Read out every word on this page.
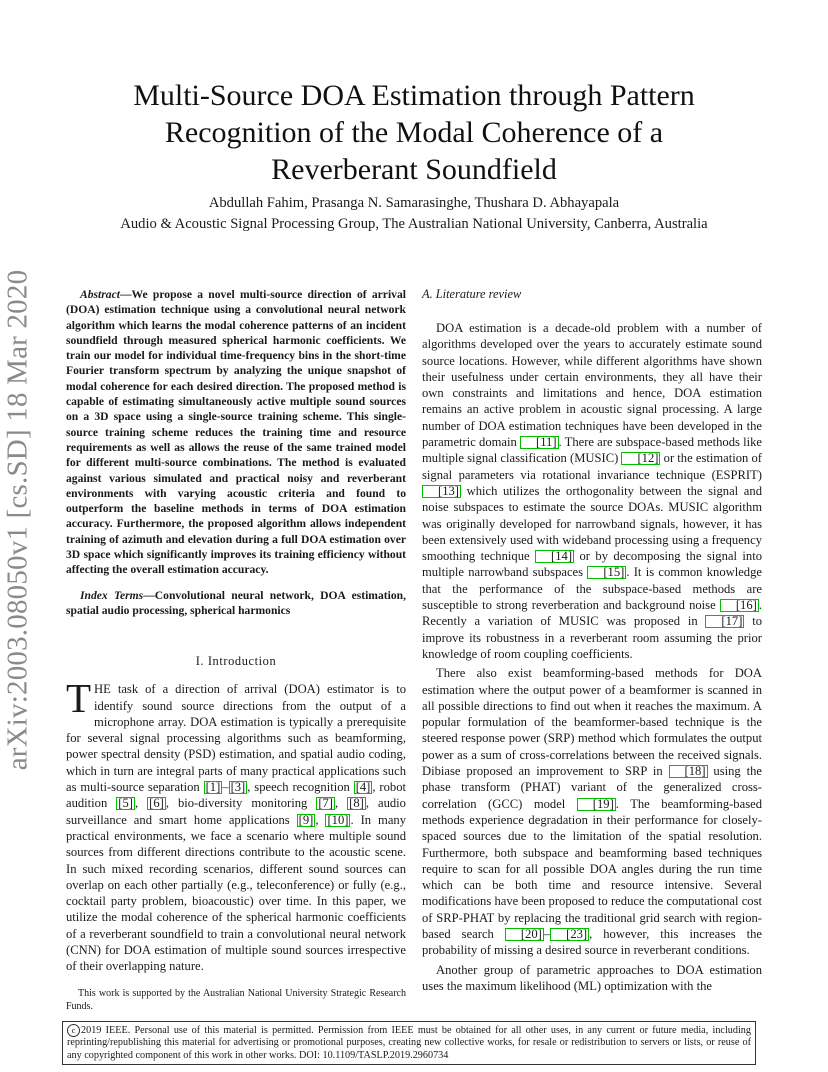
arXiv:2003.08050v1 [cs.SD] 18 Mar 2020
Multi-Source DOA Estimation through Pattern Recognition of the Modal Coherence of a Reverberant Soundfield
Abdullah Fahim, Prasanga N. Samarasinghe, Thushara D. Abhayapala
Audio & Acoustic Signal Processing Group, The Australian National University, Canberra, Australia

Abstract—We propose a novel multi-source direction of arrival (DOA) estimation technique using a convolutional neural network algorithm which learns the modal coherence patterns of an incident soundfield through measured spherical harmonic coefficients. We train our model for individual time-frequency bins in the short-time Fourier transform spectrum by analyzing the unique snapshot of modal coherence for each desired direction. The proposed method is capable of estimating simultaneously active multiple sound sources on a 3D space using a single-source training scheme. This single-source training scheme reduces the training time and resource requirements as well as allows the reuse of the same trained model for different multi-source combinations. The method is evaluated against various simulated and practical noisy and reverberant environments with varying acoustic criteria and found to outperform the baseline methods in terms of DOA estimation accuracy. Furthermore, the proposed algorithm allows independent training of azimuth and elevation during a full DOA estimation over 3D space which significantly improves its training efficiency without affecting the overall estimation accuracy.

Index Terms—Convolutional neural network, DOA estimation, spatial audio processing, spherical harmonics

I. Introduction

THE task of a direction of arrival (DOA) estimator is to identify sound source directions from the output of a microphone array. DOA estimation is typically a prerequisite for several signal processing algorithms such as beamforming, power spectral density (PSD) estimation, and spatial audio coding, which in turn are integral parts of many practical applications such as multi-source separation [1] – [3] , speech recognition [4] , robot audition [5] , [6] , bio-diversity monitoring [7] , [8] , audio surveillance and smart home applications [9] , [10] . In many practical environments, we face a scenario where multiple sound sources from different directions contribute to the acoustic scene. In such mixed recording scenarios, different sound sources can overlap on each other partially (e.g., teleconference) or fully (e.g., cocktail party problem, bioacoustic) over time. In this paper, we utilize the modal coherence of the spherical harmonic coefficients of a reverberant soundfield to train a convolutional neural network (CNN) for DOA estimation of multiple sound sources irrespective of their overlapping nature.

This work is supported by the Australian National University Strategic Research Funds.
A. Literature review

DOA estimation is a decade-old problem with a number of algorithms developed over the years to accurately estimate sound source locations. However, while different algorithms have shown their usefulness under certain environments, they all have their own constraints and limitations and hence, DOA estimation remains an active problem in acoustic signal processing. A large number of DOA estimation techniques have been developed in the parametric domain [11] . There are subspace-based methods like multiple signal classification (MUSIC) [12] or the estimation of signal parameters via rotational invariance technique (ESPRIT) [13] which utilizes the orthogonality between the signal and noise subspaces to estimate the source DOAs. MUSIC algorithm was originally developed for narrowband signals, however, it has been extensively used with wideband processing using a frequency smoothing technique [14] or by decomposing the signal into multiple narrowband subspaces [15] . It is common knowledge that the performance of the subspace-based methods are susceptible to strong reverberation and background noise [16] . Recently a variation of MUSIC was proposed in [17] to improve its robustness in a reverberant room assuming the prior knowledge of room coupling coefficients.

There also exist beamforming-based methods for DOA estimation where the output power of a beamformer is scanned in all possible directions to find out when it reaches the maximum. A popular formulation of the beamformer-based technique is the steered response power (SRP) method which formulates the output power as a sum of cross-correlations between the received signals. Dibiase proposed an improvement to SRP in [18] using the phase transform (PHAT) variant of the generalized cross-correlation (GCC) model [19] . The beamforming-based methods experience degradation in their performance for closely-spaced sources due to the limitation of the spatial resolution. Furthermore, both subspace and beamforming based techniques require to scan for all possible DOA angles during the run time which can be both time and resource intensive. Several modifications have been proposed to reduce the computational cost of SRP-PHAT by replacing the traditional grid search with region-based search [20] – [23] , however, this increases the probability of missing a desired source in reverberant conditions.

Another group of parametric approaches to DOA estimation uses the maximum likelihood (ML) optimization with the

c 2019 IEEE. Personal use of this material is permitted. Permission from IEEE must be obtained for all other uses, in any current or future media, including reprinting/republishing this material for advertising or promotional purposes, creating new collective works, for resale or redistribution to servers or lists, or reuse of any copyrighted component of this work in other works. DOI: 10.1109/TASLP.2019.2960734
